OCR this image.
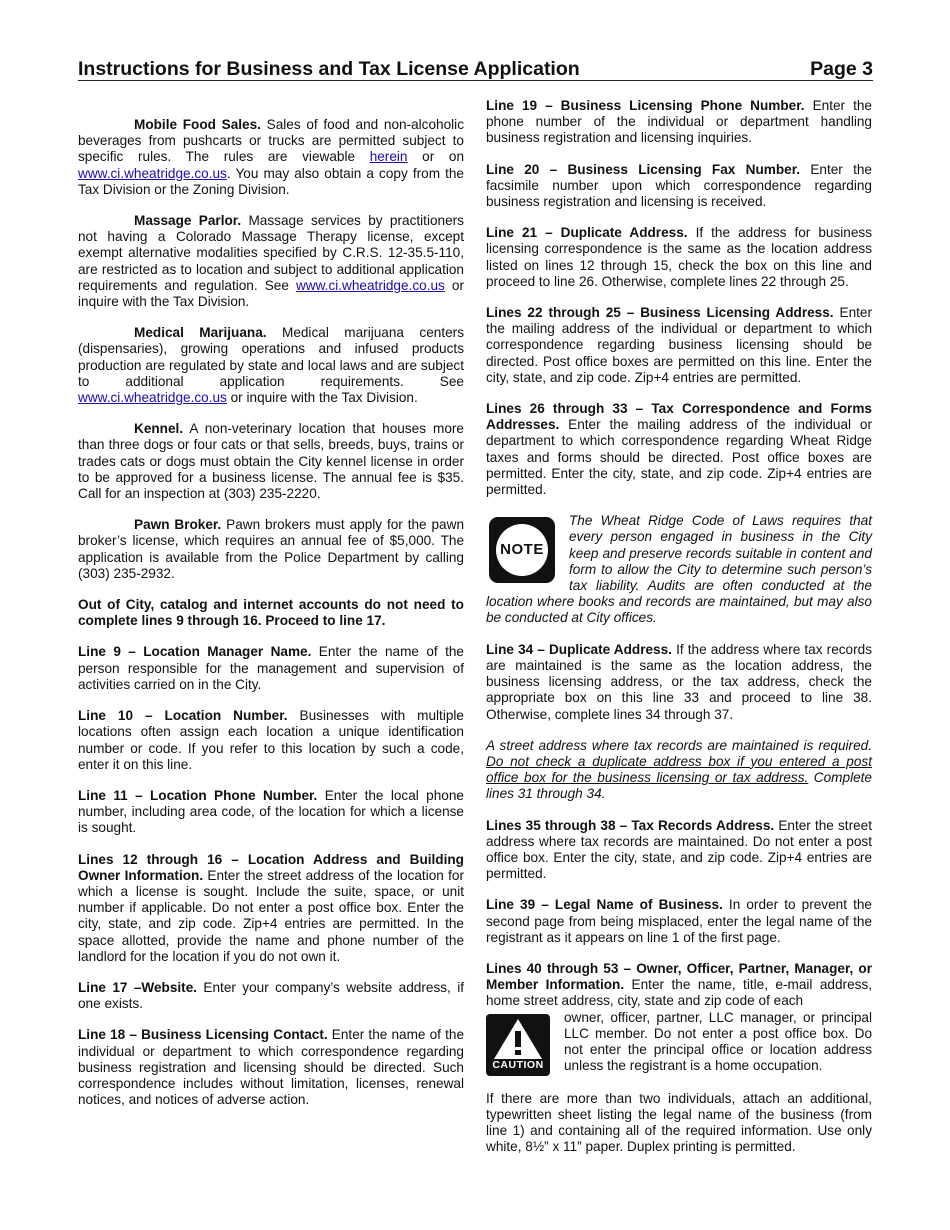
Instructions for Business and Tax License Application	Page 3

Mobile Food Sales. Sales of food and non-alcoholic beverages from pushcarts or trucks are permitted subject to specific rules. The rules are viewable herein or on www.ci.wheatridge.co.us. You may also obtain a copy from the Tax Division or the Zoning Division.

Massage Parlor. Massage services by practitioners not having a Colorado Massage Therapy license, except exempt alternative modalities specified by C.R.S. 12-35.5-110, are restricted as to location and subject to additional application requirements and regulation. See www.ci.wheatridge.co.us or inquire with the Tax Division.

Medical Marijuana. Medical marijuana centers (dispensaries), growing operations and infused products production are regulated by state and local laws and are subject to additional application requirements. See www.ci.wheatridge.co.us or inquire with the Tax Division.

Kennel. A non-veterinary location that houses more than three dogs or four cats or that sells, breeds, buys, trains or trades cats or dogs must obtain the City kennel license in order to be approved for a business license. The annual fee is $35. Call for an inspection at (303) 235-2220.

Pawn Broker. Pawn brokers must apply for the pawn broker’s license, which requires an annual fee of $5,000. The application is available from the Police Department by calling (303) 235-2932.

Out of City, catalog and internet accounts do not need to complete lines 9 through 16. Proceed to line 17.

Line 9 – Location Manager Name. Enter the name of the person responsible for the management and supervision of activities carried on in the City.

Line 10 – Location Number. Businesses with multiple locations often assign each location a unique identification number or code. If you refer to this location by such a code, enter it on this line.

Line 11 – Location Phone Number. Enter the local phone number, including area code, of the location for which a license is sought.

Lines 12 through 16 – Location Address and Building Owner Information. Enter the street address of the location for which a license is sought. Include the suite, space, or unit number if applicable. Do not enter a post office box. Enter the city, state, and zip code. Zip+4 entries are permitted. In the space allotted, provide the name and phone number of the landlord for the location if you do not own it.

Line 17 –Website. Enter your company’s website address, if one exists.

Line 18 – Business Licensing Contact. Enter the name of the individual or department to which correspondence regarding business registration and licensing should be directed. Such correspondence includes without limitation, licenses, renewal notices, and notices of adverse action.

Line 19 – Business Licensing Phone Number. Enter the phone number of the individual or department handling business registration and licensing inquiries.

Line 20 – Business Licensing Fax Number. Enter the facsimile number upon which correspondence regarding business registration and licensing is received.

Line 21 – Duplicate Address. If the address for business licensing correspondence is the same as the location address listed on lines 12 through 15, check the box on this line and proceed to line 26. Otherwise, complete lines 22 through 25.

Lines 22 through 25 – Business Licensing Address. Enter the mailing address of the individual or department to which correspondence regarding business licensing should be directed. Post office boxes are permitted on this line. Enter the city, state, and zip code. Zip+4 entries are permitted.

Lines 26 through 33 – Tax Correspondence and Forms Addresses. Enter the mailing address of the individual or department to which correspondence regarding Wheat Ridge taxes and forms should be directed. Post office boxes are permitted. Enter the city, state, and zip code. Zip+4 entries are permitted.

NOTE

The Wheat Ridge Code of Laws requires that every person engaged in business in the City keep and preserve records suitable in content and form to allow the City to determine such person’s tax liability. Audits are often conducted at the location where books and records are maintained, but may also be conducted at City offices.

Line 34 – Duplicate Address. If the address where tax records are maintained is the same as the location address, the business licensing address, or the tax address, check the appropriate box on this line 33 and proceed to line 38. Otherwise, complete lines 34 through 37.

A street address where tax records are maintained is required. Do not check a duplicate address box if you entered a post office box for the business licensing or tax address. Complete lines 31 through 34.

Lines 35 through 38 – Tax Records Address. Enter the street address where tax records are maintained. Do not enter a post office box. Enter the city, state, and zip code. Zip+4 entries are permitted.

Line 39 – Legal Name of Business. In order to prevent the second page from being misplaced, enter the legal name of the registrant as it appears on line 1 of the first page.

Lines 40 through 53 – Owner, Officer, Partner, Manager, or Member Information. Enter the name, title, e-mail address, home street address, city, state and zip code of each

CAUTION

owner, officer, partner, LLC manager, or principal LLC member. Do not enter a post office box. Do not enter the principal office or location address unless the registrant is a home occupation.

If there are more than two individuals, attach an additional, typewritten sheet listing the legal name of the business (from line 1) and containing all of the required information. Use only white, 8½” x 11” paper. Duplex printing is permitted.
